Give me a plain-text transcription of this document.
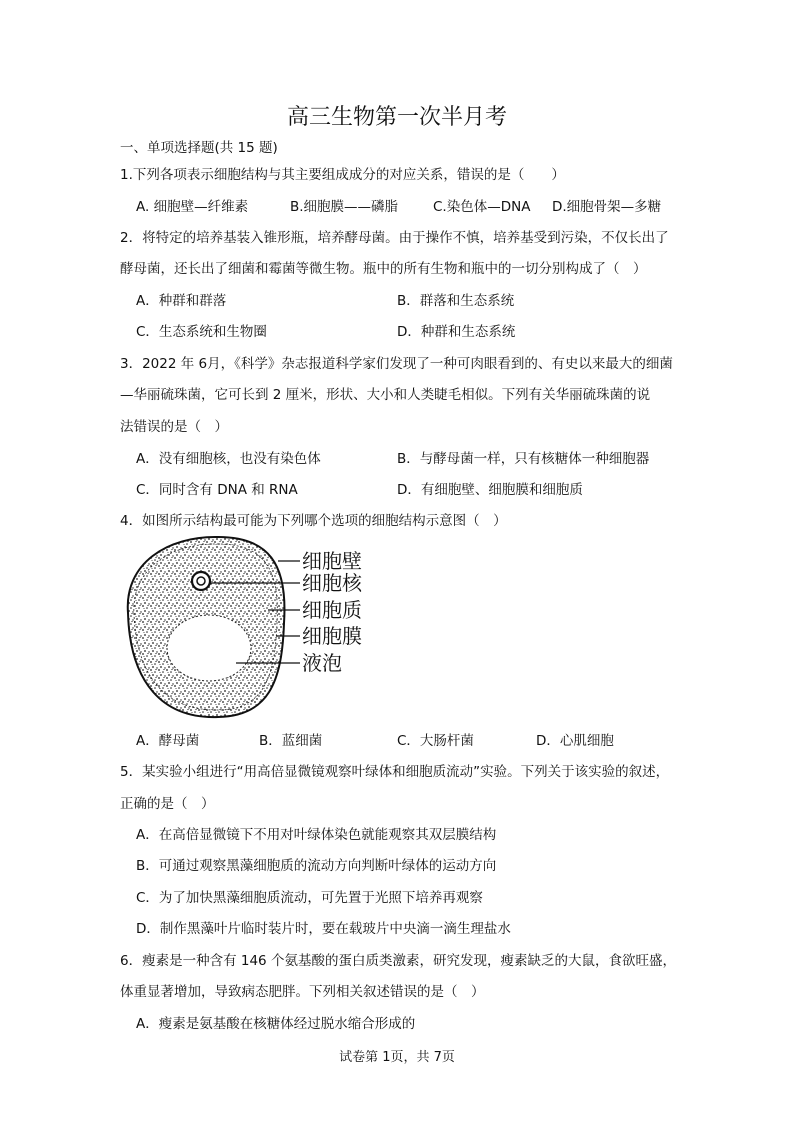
高三生物第一次半月考
一、单项选择题(共 15 题)
1.下列各项表示细胞结构与其主要组成成分的对应关系，错误的是（　　）
A. 细胞壁—纤维素	B.细胞膜——磷脂	C.染色体—DNA D.细胞骨架—多糖
2．将特定的培养基装入锥形瓶，培养酵母菌。由于操作不慎，培养基受到污染，不仅长出了
酵母菌，还长出了细菌和霉菌等微生物。瓶中的所有生物和瓶中的一切分别构成了（　）
A．种群和群落	B．群落和生态系统
C．生态系统和生物圈	D．种群和生态系统
3．2022 年 6月，《科学》杂志报道科学家们发现了一种可肉眼看到的、有史以来最大的细菌
—华丽硫珠菌，它可长到 2 厘米，形状、大小和人类睫毛相似。下列有关华丽硫珠菌的说
法错误的是（　）
A．没有细胞核，也没有染色体	B．与酵母菌一样，只有核糖体一种细胞器
C．同时含有 DNA 和 RNA	D．有细胞壁、细胞膜和细胞质
4．如图所示结构最可能为下列哪个选项的细胞结构示意图（　）
细胞壁
细胞核
细胞质
细胞膜
液泡
A．酵母菌	B．蓝细菌	C．大肠杆菌	D．心肌细胞
5．某实验小组进行“用高倍显微镜观察叶绿体和细胞质流动”实验。下列关于该实验的叙述，
正确的是（　）
A．在高倍显微镜下不用对叶绿体染色就能观察其双层膜结构
B．可通过观察黑藻细胞质的流动方向判断叶绿体的运动方向
C．为了加快黑藻细胞质流动，可先置于光照下培养再观察
D．制作黑藻叶片临时装片时，要在载玻片中央滴一滴生理盐水
6．瘦素是一种含有 146 个氨基酸的蛋白质类激素，研究发现，瘦素缺乏的大鼠，食欲旺盛，
体重显著增加，导致病态肥胖。下列相关叙述错误的是（　）
A．瘦素是氨基酸在核糖体经过脱水缩合形成的
试卷第 1页，共 7页
